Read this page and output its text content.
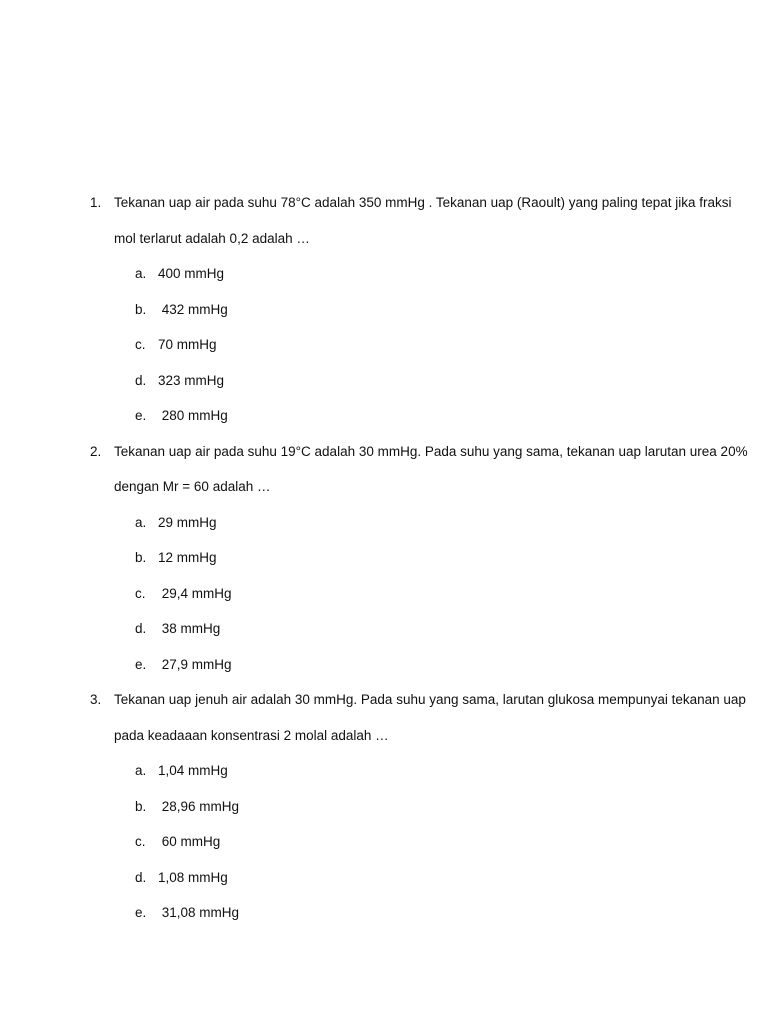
1. Tekanan uap air pada suhu 78°C adalah 350 mmHg . Tekanan uap (Raoult) yang paling tepat jika fraksi
mol terlarut adalah 0,2 adalah …
a. 400 mmHg
b. 432 mmHg
c. 70 mmHg
d. 323 mmHg
e. 280 mmHg
2. Tekanan uap air pada suhu 19°C adalah 30 mmHg. Pada suhu yang sama, tekanan uap larutan urea 20%
dengan Mr = 60 adalah …
a. 29 mmHg
b. 12 mmHg
c. 29,4 mmHg
d. 38 mmHg
e. 27,9 mmHg
3. Tekanan uap jenuh air adalah 30 mmHg. Pada suhu yang sama, larutan glukosa mempunyai tekanan uap
pada keadaaan konsentrasi 2 molal adalah …
a. 1,04 mmHg
b. 28,96 mmHg
c. 60 mmHg
d. 1,08 mmHg
e. 31,08 mmHg
